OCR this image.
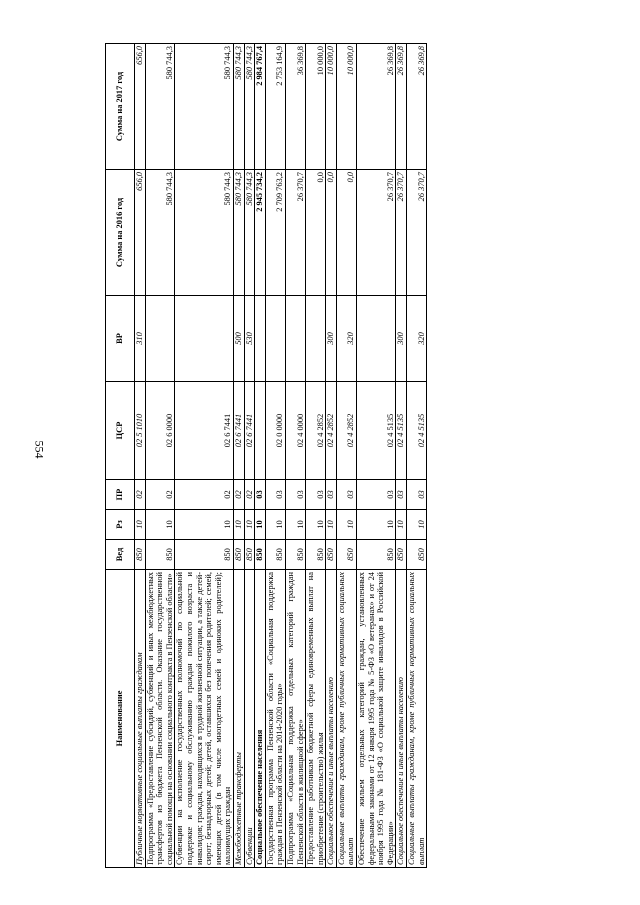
554
Наименование	Вед	Рз	ПР	ЦСР	ВР	Сумма на 2016 год	Сумма на 2017 год
Публичные нормативные социальные выплаты гражданам	850	10	02	02 5 1010	310	656,0	656,0
Подпрограмма «Предоставление субсидий, субвенций и иных межбюджетных трансфертов из бюджета Пензенской области. Оказание государственной социальной помощи на основании социального контракта в Пензенской области»	850	10	02	02 6 0000		580 744,3	580 744,3
Субвенции на исполнение государственных полномочий по социальной поддержке и социальному обслуживанию граждан пожилого возраста и инвалидов; граждан, находящихся в трудной жизненной ситуации, а также детей-сирот; безнадзорных детей; детей, оставшихся без попечения родителей; семей, имеющих детей (в том числе многодетных семей и одиноких родителей); малоимущих граждан	850	10	02	02 6 7441		580 744,3	580 744,3
Межбюджетные трансферты	850	10	02	02 6 7441	500	580 744,3	580 744,3
Субвенции	850	10	02	02 6 7441	530	580 744,3	580 744,3
Социальное обеспечение населения	850	10	03			2 945 734,2	2 984 767,4
Государственная программа Пензенской области «Социальная поддержка граждан в Пензенской области на 2014-2020 годы»	850	10	03	02 0 0000		2 709 763,2	2 753 164,9
Подпрограмма «Социальная поддержка отдельных категорий граждан Пензенской области в жилищной сфере»	850	10	03	02 4 0000		26 370,7	36 369,8
Предоставление работникам бюджетной сферы единовременных выплат на приобретение (строительство) жилья	850	10	03	02 4 2852		0,0	10 000,0
Социальное обеспечение и иные выплаты населению	850	10	03	02 4 2852	300	0,0	10 000,0
Социальные выплаты гражданам, кроме публичных нормативных социальных выплат	850	10	03	02 4 2852	320	0,0	10 000,0
Обеспечение жильем отдельных категорий граждан, установленных федеральными законами от 12 января 1995 года № 5-ФЗ «О ветеранах» и от 24 ноября 1995 года № 181-ФЗ «О социальной защите инвалидов в Российской Федерации»	850	10	03	02 4 5135		26 370,7	26 369,8
Социальное обеспечение и иные выплаты населению	850	10	03	02 4 5135	300	26 370,7	26 369,8
Социальные выплаты гражданам, кроме публичных нормативных социальных выплат	850	10	03	02 4 5135	320	26 370,7	26 369,8
